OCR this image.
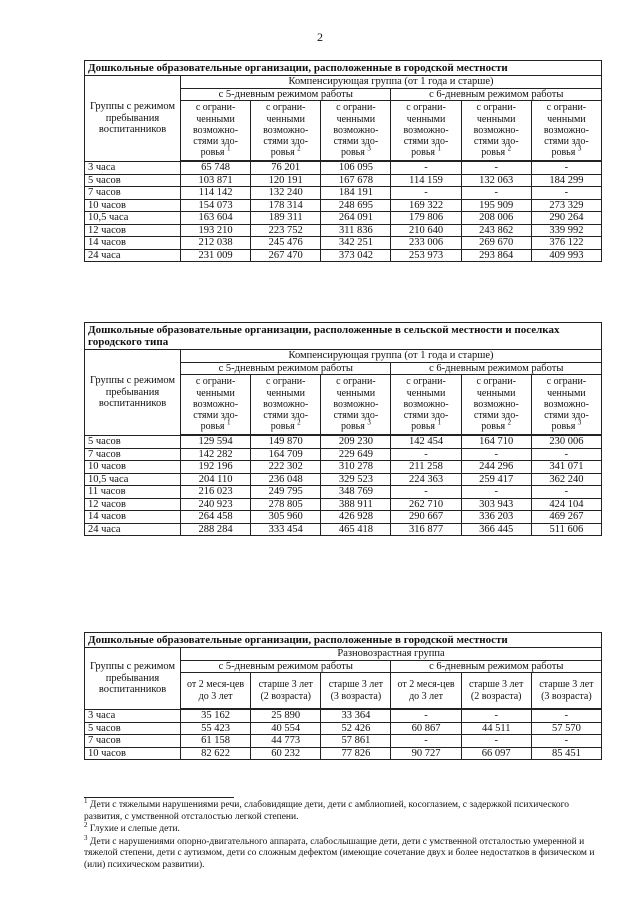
2
Дошкольные образовательные организации, расположенные в городской местности						
Группы с режимом пребывания воспитанников	Компенсирующая группа (от 1 года и старше)					
	с 5-дневным режимом работы			с 6-дневным режимом работы		
	с ограни-ченными возможно-стями здо-ровья $^1$	с ограни-ченными возможно-стями здо-ровья $^2$	с ограни-ченными возможно-стями здо-ровья $^3$	с ограни-ченными возможно-стями здо-ровья $^1$	с ограни-ченными возможно-стями здо-ровья $^2$	с ограни-ченными возможно-стями здо-ровья $^3$

3 часа	65 748	76 201	106 095	-	-	-
5 часов	103 871	120 191	167 678	114 159	132 063	184 299
7 часов	114 142	132 240	184 191	-	-	-
10 часов	154 073	178 314	248 695	169 322	195 909	273 329
10,5 часа	163 604	189 311	264 091	179 806	208 006	290 264
12 часов	193 210	223 752	311 836	210 640	243 862	339 992
14 часов	212 038	245 476	342 251	233 006	269 670	376 122
24 часа	231 009	267 470	373 042	253 973	293 864	409 993
Дошкольные образовательные организации, расположенные в сельской местности и поселках городского типа						
Группы с режимом пребывания воспитанников	Компенсирующая группа (от 1 года и старше)					
	с 5-дневным режимом работы			с 6-дневным режимом работы		
	с ограни-ченными возможно-стями здо-ровья $^1$	с ограни-ченными возможно-стями здо-ровья $^2$	с ограни-ченными возможно-стями здо-ровья $^3$	с ограни-ченными возможно-стями здо-ровья $^1$	с ограни-ченными возможно-стями здо-ровья $^2$	с ограни-ченными возможно-стями здо-ровья $^3$

5 часов	129 594	149 870	209 230	142 454	164 710	230 006
7 часов	142 282	164 709	229 649	-	-	-
10 часов	192 196	222 302	310 278	211 258	244 296	341 071
10,5 часа	204 110	236 048	329 523	224 363	259 417	362 240
11 часов	216 023	249 795	348 769	-	-	-
12 часов	240 923	278 805	388 911	262 710	303 943	424 104
14 часов	264 458	305 960	426 928	290 667	336 203	469 267
24 часа	288 284	333 454	465 418	316 877	366 445	511 606
Дошкольные образовательные организации, расположенные в городской местности						
Группы с режимом пребывания воспитанников	Разновозрастная группа					
	с 5-дневным режимом работы			с 6-дневным режимом работы		
	от 2 меся-цев до 3 лет	старше 3 лет (2 возраста)	старше 3 лет (3 возраста)	от 2 меся-цев до 3 лет	старше 3 лет (2 возраста)	старше 3 лет (3 возраста)

3 часа	35 162	25 890	33 364	-	-	-
5 часов	55 423	40 554	52 426	60 867	44 511	57 570
7 часов	61 158	44 773	57 861	-	-	-
10 часов	82 622	60 232	77 826	90 727	66 097	85 451

$^1$ Дети с тяжелыми нарушениями речи, слабовидящие дети, дети с амблиопией, косоглазием, с задержкой психического развития, с умственной отсталостью легкой степени.

$^2$ Глухие и слепые дети.

$^3$ Дети с нарушениями опорно-двигательного аппарата, слабослышащие дети, дети с умственной отсталостью умеренной и тяжелой степени, дети с аутизмом, дети со сложным дефектом (имеющие сочетание двух и более недостатков в физическом и (или) психическом развитии).
